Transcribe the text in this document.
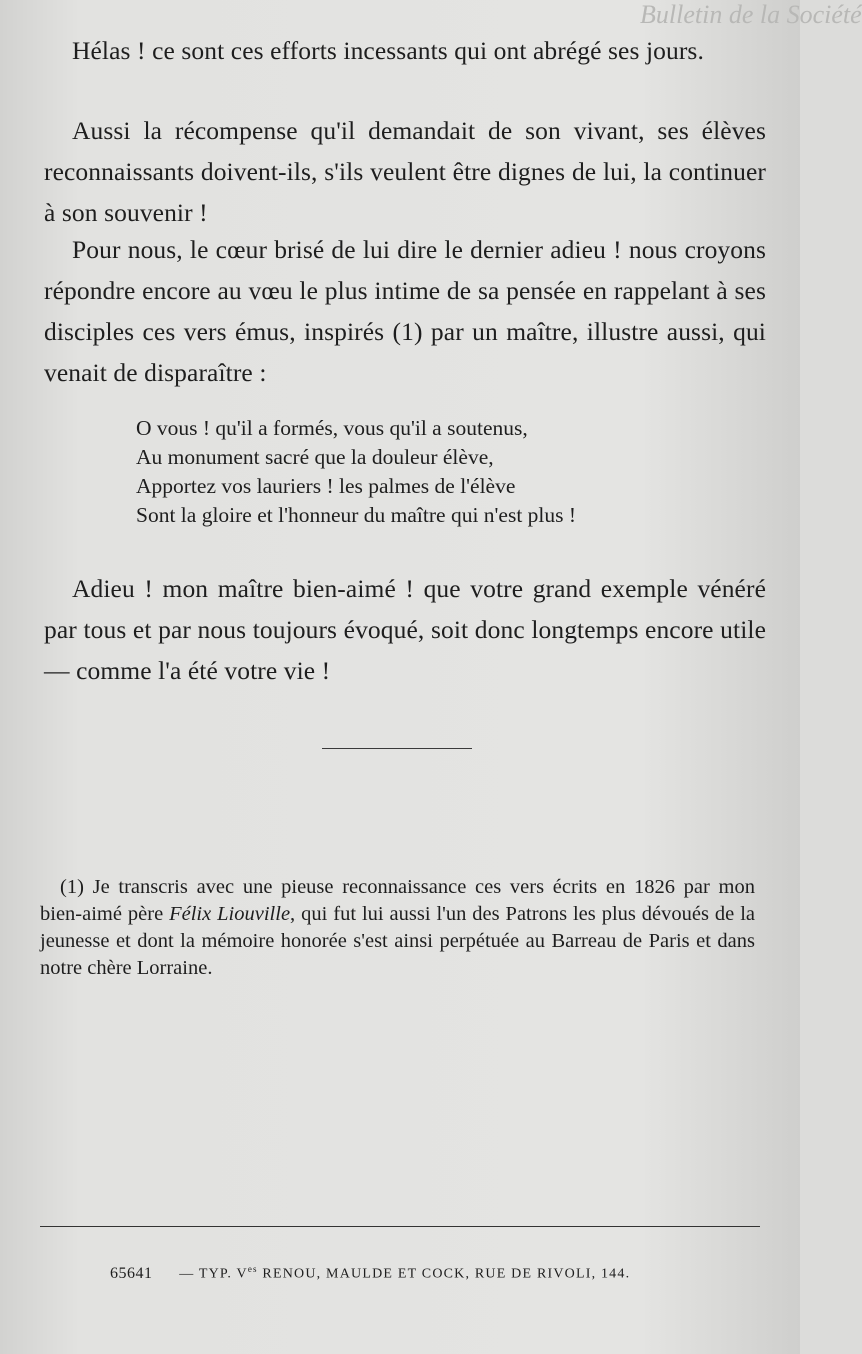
Bulletin de la Société

Hélas ! ce sont ces efforts incessants qui ont abrégé ses jours.

Aussi la récompense qu'il demandait de son vivant, ses élèves reconnaissants doivent-ils, s'ils veulent être dignes de lui, la continuer à son souvenir !

Pour nous, le cœur brisé de lui dire le dernier adieu ! nous croyons répondre encore au vœu le plus intime de sa pensée en rappelant à ses disciples ces vers émus, inspirés (1) par un maître, illustre aussi, qui venait de disparaître :

O vous ! qu'il a formés, vous qu'il a soutenus,
Au monument sacré que la douleur élève,
Apportez vos lauriers ! les palmes de l'élève
Sont la gloire et l'honneur du maître qui n'est plus !

Adieu ! mon maître bien-aimé ! que votre grand exemple vénéré par tous et par nous toujours évoqué, soit donc longtemps encore utile — comme l'a été votre vie !

(1) Je transcris avec une pieuse reconnaissance ces vers écrits en 1826 par mon bien-aimé père Félix Liouville, qui fut lui aussi l'un des Patrons les plus dévoués de la jeunesse et dont la mémoire honorée s'est ainsi perpétuée au Barreau de Paris et dans notre chère Lorraine.

65641 — TYP. $V^{es}$ RENOU, MAULDE ET COCK, RUE DE RIVOLI, 144.
